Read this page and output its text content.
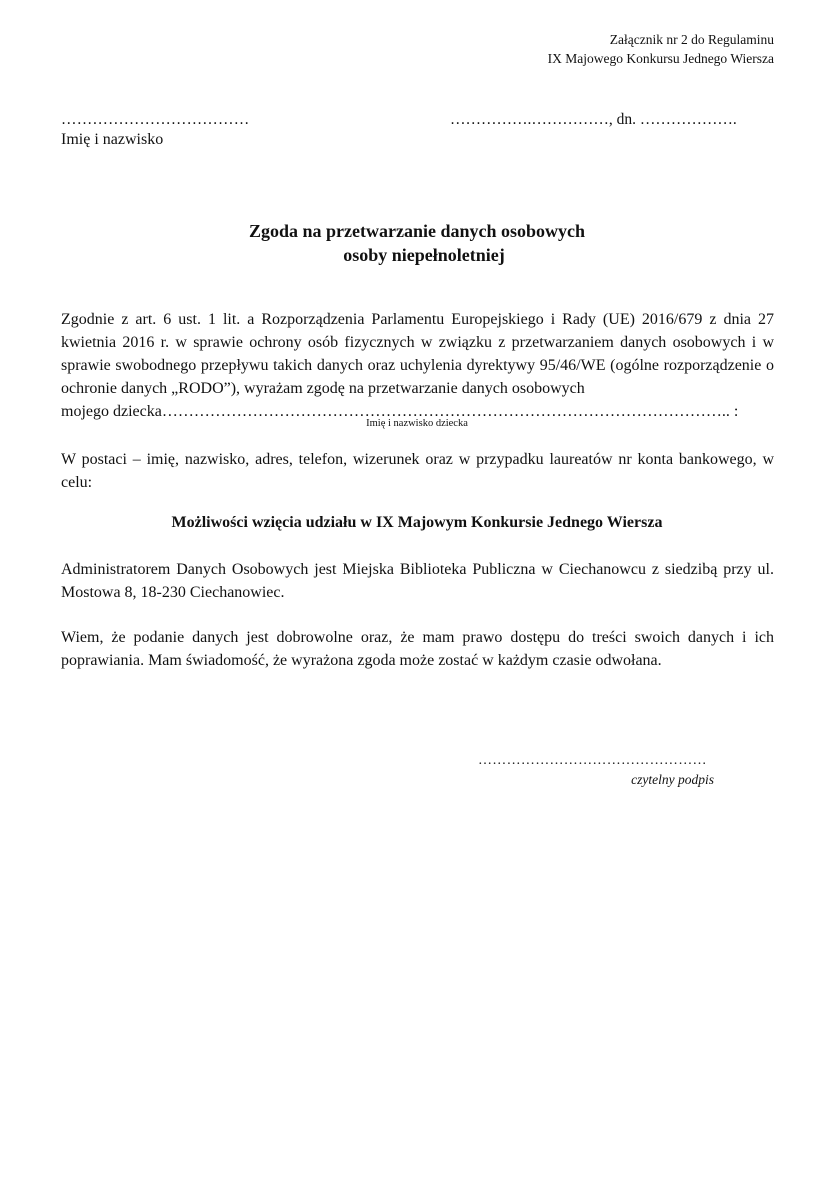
Załącznik nr 2 do Regulaminu
IX Majowego Konkursu Jednego Wiersza
………………………………
Imię i nazwisko
…………….……………, dn. ……………….
Zgoda na przetwarzanie danych osobowych
osoby niepełnoletniej
Zgodnie z art. 6 ust. 1 lit. a Rozporządzenia Parlamentu Europejskiego i Rady (UE) 2016/679 z dnia 27 kwietnia 2016 r. w sprawie ochrony osób fizycznych w związku z przetwarzaniem danych osobowych i w sprawie swobodnego przepływu takich danych oraz uchylenia dyrektywy 95/46/WE (ogólne rozporządzenie o ochronie danych „RODO”), wyrażam zgodę na przetwarzanie danych osobowych
mojego dziecka…………………………………………………………………………………………….. :
Imię i nazwisko dziecka
W postaci – imię, nazwisko, adres, telefon, wizerunek oraz w przypadku laureatów nr konta bankowego, w celu:
Możliwości wzięcia udziału w IX Majowym Konkursie Jednego Wiersza
Administratorem Danych Osobowych jest Miejska Biblioteka Publiczna w Ciechanowcu z siedzibą przy ul. Mostowa 8, 18-230 Ciechanowiec.
Wiem, że podanie danych jest dobrowolne oraz, że mam prawo dostępu do treści swoich danych i ich poprawiania. Mam świadomość, że wyrażona zgoda może zostać w każdym czasie odwołana.
…………………………………………
czytelny podpis
